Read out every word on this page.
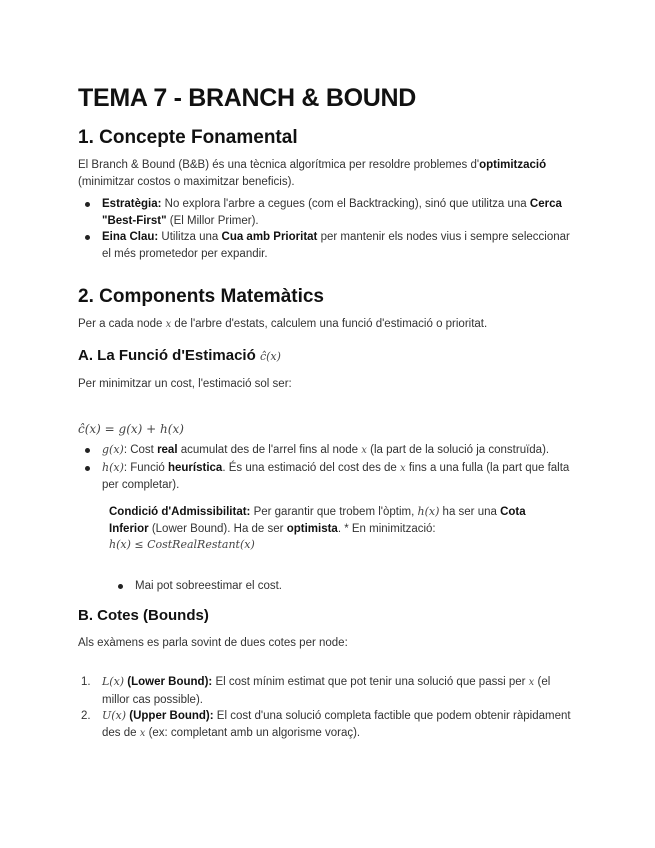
TEMA 7 - BRANCH & BOUND
1. Concepte Fonamental

El Branch & Bound (B&B) és una tècnica algorítmica per resoldre problemes d'optimització
(minimitzar costos o maximitzar beneficis).

Estratègia: No explora l'arbre a cegues (com el Backtracking), sinó que utilitza una Cerca "Best-First" (El Millor Primer).
Eina Clau: Utilitza una Cua amb Prioritat per mantenir els nodes vius i sempre seleccionar el més prometedor per expandir.
2. Components Matemàtics

Per a cada node x de l'arbre d'estats, calculem una funció d'estimació o prioritat.

A. La Funció d'Estimació ĉ(x)

Per minimitzar un cost, l'estimació sol ser:

ĉ(x) = g(x) + h(x)

g(x): Cost real acumulat des de l'arrel fins al node x (la part de la solució ja construïda).
h(x): Funció heurística. És una estimació del cost des de x fins a una fulla (la part que falta per completar).
Condició d'Admissibilitat: Per garantir que trobem l'òptim, h(x) ha ser una Cota Inferior (Lower Bound). Ha de ser optimista. * En minimització:
h(x) ≤ CostRealRestant(x)
Mai pot sobreestimar el cost.
B. Cotes (Bounds)

Als exàmens es parla sovint de dues cotes per node:

1. L(x) (Lower Bound): El cost mínim estimat que pot tenir una solució que passi per x (el millor cas possible).
2. U(x) (Upper Bound): El cost d'una solució completa factible que podem obtenir ràpidament des de x (ex: completant amb un algorisme voraç).
